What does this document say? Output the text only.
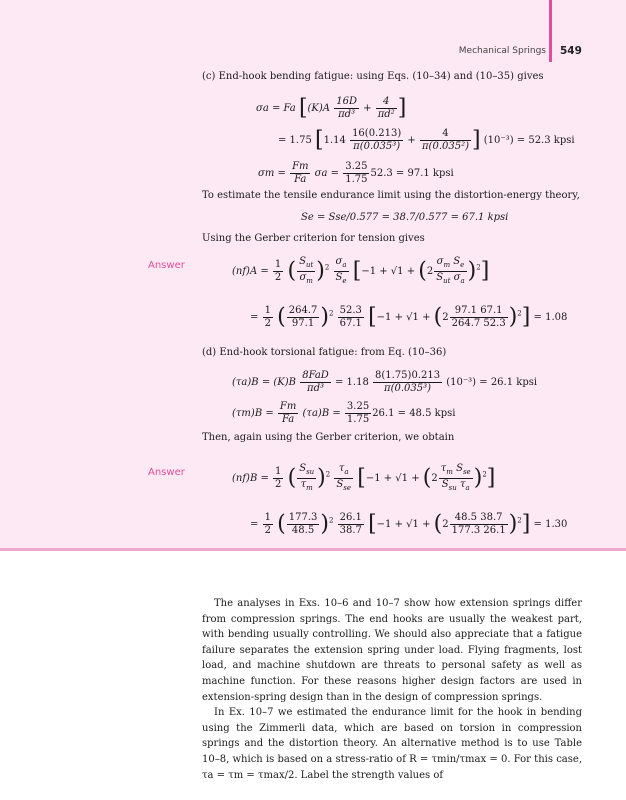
Mechanical Springs 549
(c) End-hook bending fatigue: using Eqs. (10–34) and (10–35) gives
σa = Fa [$(K)A \frac{16D}{\text{πd³}} + \frac{4}{\text{πd²}}$ ]
= 1.75 [$1.14 \frac{16(0.213)}{\text{π(0.035³)}} + \frac{4}{\text{π(0.035²)}}$ ] (10⁻³) = 52.3 kpsi
$\sigma m = \frac{Fm}{Fa}$ $\sigma a = \frac{3.25}{1.75} 52.3 = 97.1$ kpsi
To estimate the tensile endurance limit using the distortion-energy theory,
Se = Sse/0.577 = 38.7/0.577 = 67.1 kpsi
Using the Gerber criterion for tension gives
Answer
$(nf)A = \frac{1}{2}$ ( $\frac{S_{ut}}{\sigma_m} )^2 \frac{\sigma_a}{S_e} [-1 + √1 + (2 \frac{\sigma_m S_e}{S_{ut} \sigma_a} )^2]$
= $\frac{1}{2}$ ( $\frac{264.7}{97.1} )^2 \frac{52.3}{67.1} [-1 + √1 + (2 \frac{97.1 67.1}{264.7 52.3} )^2] = 1.08$
(d) End-hook torsional fatigue: from Eq. (10–36)
$(\tau a)B = (K)B \frac{\text{8FaD}}{\text{πd³}} = 1.18 \frac{8(1.75)0.213}{\text{π(0.035³)}} (10^{-3}) = 26.1$ kpsi
$(\tau m)B = \frac{Fm}{Fa} (\tau a)B = \frac{3.25}{1.75} 26.1 = 48.5$ kpsi
Then, again using the Gerber criterion, we obtain
Answer
$(nf)B = \frac{1}{2}$ ( $\frac{S_{su}}{\tau_m} )^2 \frac{\tau_a}{S_{se}} [-1 + √1 + (2 \frac{\tau_m S_{se}}{S_{su} \tau_a} )^2]$
= $\frac{1}{2}$ ( $\frac{177.3}{48.5} )^2 \frac{26.1}{38.7} [-1 + √1 + (2 \frac{48.5 38.7}{177.3 26.1} )^2] = 1.30$

The analyses in Exs. 10–6 and 10–7 show how extension springs differ from compression springs. The end hooks are usually the weakest part, with bending usually controlling. We should also appreciate that a fatigue failure separates the extension spring under load. Flying fragments, lost load, and machine shutdown are threats to personal safety as well as machine function. For these reasons higher design factors are used in extension-spring design than in the design of compression springs.

In Ex. 10–7 we estimated the endurance limit for the hook in bending using the Zimmerli data, which are based on torsion in compression springs and the distortion theory. An alternative method is to use Table 10–8, which is based on a stress-ratio of R = τmin/τmax = 0. For this case, τa = τm = τmax/2. Label the strength values of
